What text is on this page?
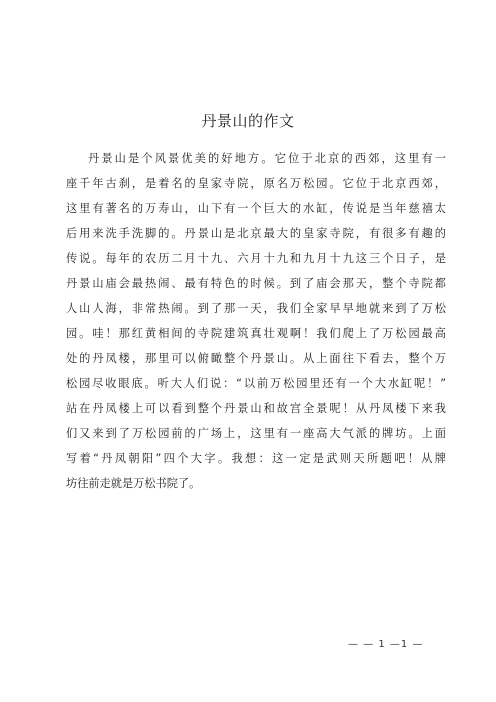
丹景山的作文
丹景山是个风景优美的好地方。它位于北京的西郊，这里有一
座千年古刹，是着名的皇家寺院，原名万松园。它位于北京西郊，
这里有著名的万寿山，山下有一个巨大的水缸，传说是当年慈禧太
后用来洗手洗脚的。丹景山是北京最大的皇家寺院，有很多有趣的
传说。每年的农历二月十九、六月十九和九月十九这三个日子，是
丹景山庙会最热闹、最有特色的时候。到了庙会那天，整个寺院都
人山人海，非常热闹。到了那一天，我们全家早早地就来到了万松
园。哇！那红黄相间的寺院建筑真壮观啊！我们爬上了万松园最高
处的丹凤楼，那里可以俯瞰整个丹景山。从上面往下看去，整个万
松园尽收眼底。听大人们说：“以前万松园里还有一个大水缸呢！”
站在丹凤楼上可以看到整个丹景山和故宫全景呢！从丹凤楼下来我
们又来到了万松园前的广场上，这里有一座高大气派的牌坊。上面
写着“丹凤朝阳”四个大字。我想：这一定是武则天所题吧！从牌
坊往前走就是万松书院了。
— — 1 —1 —
